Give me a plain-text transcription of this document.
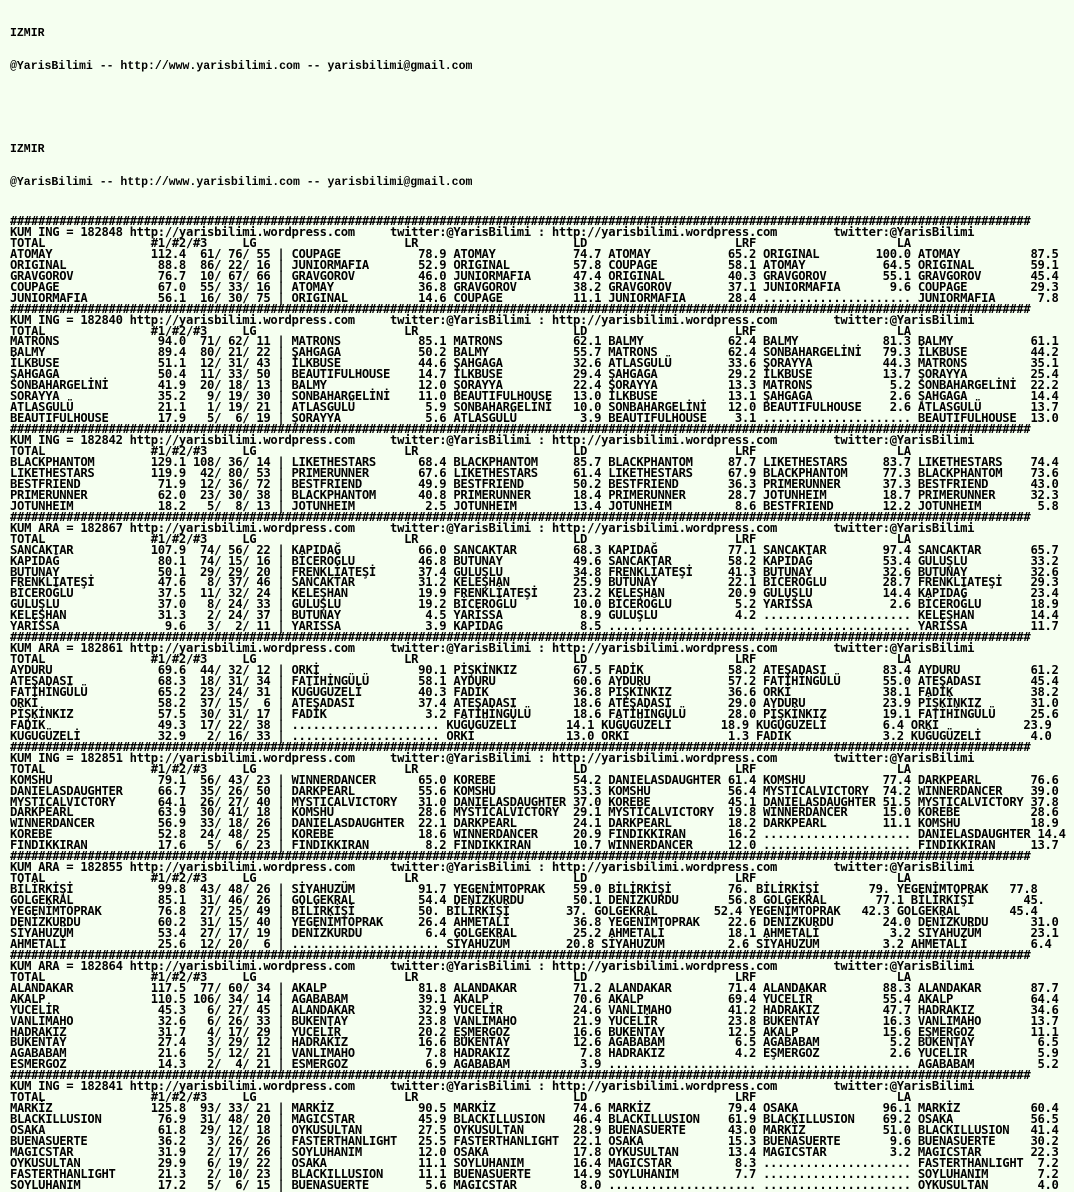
IZMIR

@YarisBilimi -- http://www.yarisbilimi.com -- yarisbilimi@gmail.com

IZMIR

@YarisBilimi -- http://www.yarisbilimi.com -- yarisbilimi@gmail.com

#################################################################################################################################################
KUM ING = 182848 http://yarisbilimi.wordpress.com     twitter:@YarisBilimi : http://yarisbilimi.wordpress.com        twitter:@YarisBilimi
TOTAL               #1/#2/#3     LG                     LR                      LD                     LRF                    LA
ATOMAY              112.4  61/ 76/ 55 | COUPAGE           78.9 ATOMAY           74.7 ATOMAY           65.2 ORIGINAL        100.0 ATOMAY          87.5
ORIGINAL             88.8  86/ 22/ 16 | JUNIORMAFIA       52.9 ORIGINAL         57.8 COUPAGE          58.1 ATOMAY           64.5 ORIGINAL        59.1
GRAVGOROV            76.7  10/ 67/ 66 | GRAVGOROV         46.0 JUNIORMAFIA      47.4 ORIGINAL         40.3 GRAVGOROV        55.1 GRAVGOROV       45.4
COUPAGE              67.0  55/ 33/ 16 | ATOMAY            36.8 GRAVGOROV        38.2 GRAVGOROV        37.1 JUNIORMAFIA       9.6 COUPAGE         29.3
JUNIORMAFIA          56.1  16/ 30/ 75 | ORIGINAL          14.6 COUPAGE          11.1 JUNIORMAFIA      28.4 ..................... JUNIORMAFIA      7.8
#################################################################################################################################################
KUM ING = 182840 http://yarisbilimi.wordpress.com     twitter:@YarisBilimi : http://yarisbilimi.wordpress.com        twitter:@YarisBilimi
TOTAL               #1/#2/#3     LG                     LR                      LD                     LRF                    LA
MATRONS              94.0  71/ 62/ 11 | MATRONS           85.1 MATRONS          62.1 BALMY            62.4 BALMY            81.3 BALMY           61.1
BALMY                89.4  80/ 21/ 22 | ŞAHGAGA           50.2 BALMY            55.7 MATRONS          62.4 SONBAHARGELİNİ   79.3 İLKBUSE         44.2
İLKBUSE              51.1  12/ 31/ 43 | İLKBUSE           44.6 ŞAHGAGA          32.6 ATLASGULÜ        33.6 ŞORAYYA          44.3 MATRONS         35.1
ŞAHGAGA              50.4  11/ 33/ 50 | BEAUTIFULHOUSE    14.7 İLKBUSE          29.4 ŞAHGAGA          29.2 İLKBUSE          13.7 ŞORAYYA         25.4
SONBAHARGELİNİ       41.9  20/ 18/ 13 | BALMY             12.0 ŞORAYYA          22.4 ŞORAYYA          13.3 MATRONS           5.2 SONBAHARGELİNİ  22.2
SORAYYA              35.2   9/ 19/ 30 | SONBAHARGELİNİ    11.0 BEAUTIFULHOUSE   13.0 İLKBUSE          13.1 ŞAHGAGA           2.6 ŞAHGAGA         14.4
ATLASGULÜ            21.1   1/ 19/ 21 | ATLASGULÜ          5.9 SONBAHARGELİNİ   10.0 SONBAHARGELİNİ   12.0 BEAUTIFULHOUSE    2.6 ATLASGULÜ       13.7
BEAUTIFULHOUSE       17.9   5/  6/ 19 | ŞORAYYA            5.6 ATLASGULÜ         3.9 BEAUTIFULHOUSE    3.1 ..................... BEAUTIFULHOUSE  13.0
#################################################################################################################################################
KUM ING = 182842 http://yarisbilimi.wordpress.com     twitter:@YarisBilimi : http://yarisbilimi.wordpress.com        twitter:@YarisBilimi
TOTAL               #1/#2/#3     LG                     LR                      LD                     LRF                    LA
BLACKPHANTOM        129.1 108/ 36/ 14 | LIKETHESTARS      68.4 BLACKPHANTOM     85.7 BLACKPHANTOM     87.7 LIKETHESTARS     83.7 LIKETHESTARS    74.4
LIKETHESTARS        119.9  42/ 80/ 53 | PRIMERUNNER       67.6 LIKETHESTARS     61.4 LIKETHESTARS     67.9 BLACKPHANTOM     77.3 BLACKPHANTOM    73.6
BESTFRIEND           71.9  12/ 36/ 72 | BESTFRIEND        49.9 BESTFRIEND       50.2 BESTFRIEND       36.3 PRIMERUNNER      37.3 BESTFRIEND      43.0
PRIMERUNNER          62.0  23/ 30/ 38 | BLACKPHANTOM      40.8 PRIMERUNNER      18.4 PRIMERUNNER      28.7 JOTUNHEIM        18.7 PRIMERUNNER     32.3
JOTUNHEIM            18.2   5/  8/ 13 | JOTUNHEIM          2.5 JOTUNHEIM        13.4 JOTUNHEIM         8.6 BESTFRIEND       12.2 JOTUNHEIM        5.8
#################################################################################################################################################
KUM ARA = 182867 http://yarisbilimi.wordpress.com     twitter:@YarisBilimi : http://yarisbilimi.wordpress.com        twitter:@YarisBilimi
TOTAL               #1/#2/#3     LG                     LR                      LD                     LRF                    LA
SANCAKTAR           107.9  74/ 56/ 22 | KAPIDAĞ           66.0 SANCAKTAR        68.3 KAPIDAĞ          77.1 SANCAKTAR        97.4 SANCAKTAR       65.7
KAPIDAĞ              80.1  74/ 15/ 16 | BİCEROĞLU         46.8 BUTUNAY          49.6 SANCAKTAR        58.2 KAPIDAĞ          53.4 GULUŞLU         33.2
BUTUNAY              50.1  29/ 29/ 20 | FRENKLİATEŞİ      37.4 GULUŞLU          34.8 FRENKLİATEŞİ     41.3 BUTUNAY          32.6 BUTUNAY         32.6
FRENKLİATEŞİ         47.6   8/ 37/ 46 | SANCAKTAR         31.2 KELEŞHAN         25.9 BUTUNAY          22.1 BİCEROĞLU        28.7 FRENKLİATEŞİ    29.3
BİCEROĞLU            37.5  11/ 32/ 24 | KELEŞHAN          19.9 FRENKLİATEŞİ     23.2 KELEŞHAN         20.9 GULUŞLU          14.4 KAPIDAĞ         23.4
GULUŞLU              37.0   8/ 24/ 33 | GULUŞLU           19.2 BİCEROĞLU        10.0 BİCEROĞLU         5.2 YARİSSA           2.6 BİCEROĞLU       18.9
KELEŞHAN             31.3   2/ 24/ 37 | BUTUNAY            4.5 YARİSSA           8.9 GULUŞLU           4.2 ..................... KELEŞHAN        14.4
YARİSSA               9.6   3/  2/ 11 | YARISSA            3.9 KAPIDAG           8.5 ..................... ..................... YARİSSA         11.7
#################################################################################################################################################
KUM ARA = 182861 http://yarisbilimi.wordpress.com     twitter:@YarisBilimi : http://yarisbilimi.wordpress.com        twitter:@YarisBilimi
TOTAL               #1/#2/#3     LG                     LR                      LD                     LRF                    LA
AYDURU               69.6  44/ 32/ 12 | ORKİ              90.1 PİŞKİNKIZ        67.5 FADİK            58.2 ATEŞADASI        83.4 AYDURU          61.2
ATEŞADASI            68.3  18/ 31/ 34 | FATİHİNGÜLÜ       58.1 AYDURU           60.6 AYDURU           57.2 FATİHİNGÜLÜ      55.0 ATEŞADASI       45.4
FATİHİNGÜLÜ          65.2  23/ 24/ 31 | KUĞUGÜZELİ        40.3 FADİK            36.8 PİŞKİNKIZ        36.6 ORKİ             38.1 FADİK           38.2
ORKİ                 58.2  37/ 15/  6 | ATEŞADASI         37.4 ATEŞADASI        18.6 ATEŞADASI        29.0 AYDURU           23.9 PİŞKİNKIZ       31.0
PİŞKİNKIZ            57.5  30/ 31/ 17 | FADİK              3.2 FATİHİNGÜLÜ      18.6 FATİHİNGÜLÜ      28.0 PİŞKİNKIZ        19.1 FATİHİNGÜLÜ     25.6
FADİK                49.3  17/ 22/ 38 | ..................... KUĞUGÜZELİ       14.1 KUĞUGÜZELİ       18.9 KUĞUGÜZELİ        6.4 ORKİ            23.9
KUĞUGÜZELİ           32.9   2/ 16/ 33 | ..................... ORKİ             13.0 ORKİ              1.3 FADİK             3.2 KUĞUGÜZELİ       4.0
#################################################################################################################################################
KUM ING = 182851 http://yarisbilimi.wordpress.com     twitter:@YarisBilimi : http://yarisbilimi.wordpress.com        twitter:@YarisBilimi
TOTAL               #1/#2/#3     LG                     LR                      LD                     LRF                    LA
KOMSHU               79.1  56/ 43/ 23 | WINNERDANCER      65.0 KOREBE           54.2 DANIELASDAUGHTER 61.4 KOMSHU           77.4 DARKPEARL       76.6
DANIELASDAUGHTER     66.7  35/ 26/ 50 | DARKPEARL         55.6 KOMSHU           53.3 KOMSHU           56.4 MYSTICALVICTORY  74.2 WINNERDANCER    39.0
MYSTICALVICTORY      64.1  26/ 27/ 40 | MYSTICALVICTORY   31.0 DANIELASDAUGHTER 37.0 KOREBE           45.1 DANIELASDAUGHTER 51.5 MYSTICALVICTORY 37.8
DARKPEARL            63.9  30/ 41/ 18 | KOMSHU            28.6 MYSTICALVICTORY  29.1 MYSTICALVICTORY  19.8 WINNERDANCER     15.0 KOREBE          28.6
WINNERDANCER         56.9  33/ 18/ 26 | DANIELASDAUGHTER  22.1 DARKPEARL        24.1 DARKPEARL        18.2 DARKPEARL        11.1 KOMSHU          18.9
KOREBE               52.8  24/ 48/ 25 | KOREBE            18.6 WINNERDANCER     20.9 FINDIKKIRAN      16.2 ..................... DANIELASDAUGHTER 14.4
FINDIKKIRAN          17.6   5/  6/ 23 | FINDIKKIRAN        8.2 FINDIKKIRAN      10.7 WINNERDANCER     12.0 ..................... FINDIKKIRAN     13.7
#################################################################################################################################################
KUM ARA = 182855 http://yarisbilimi.wordpress.com     twitter:@YarisBilimi : http://yarisbilimi.wordpress.com        twitter:@YarisBilimi
TOTAL               #1/#2/#3     LG                     LR                      LD                     LRF                    LA
BİLİRKİŞİ            99.8  43/ 48/ 26 | SİYAHUZÜM         91.7 YEGENİMTOPRAK    59.0 BİLİRKİŞİ        76. BİLİRKİŞİ       79. YEGENİMTOPRAK   77.8
GOLGEKRAL            85.1  31/ 46/ 26 | GOLGEKRAL         54.4 DENİZKURDU       50.1 DENİZKURDU       56.8 GOLGEKRAL       77.1 BİLİRKİŞİ       45.
YEGENİMTOPRAK        76.8  27/ 25/ 49 | BİLİRKİŞİ         50. BİLİRKİŞİ        37. GOLGEKRAL        52.4 YEGENİMTOPRAK   42.3 GOLGEKRAL       45.4
DENİZKURDU           60.2  31/ 15/ 40 | YEGENİMTOPRAK     26.4 AHMETALİ         36.8 YEGENİMTOPRAK    22.6 DENİZKURDU       24.0 DENİZKURDU      31.0
SİYAHUZÜM            53.4  27/ 17/ 19 | DENİZKURDU         6.4 GOLGEKRAL        25.2 AHMETALİ         18.1 AHMETALİ          3.2 SİYAHUZÜM       23.1
AHMETALİ             25.6  12/ 20/  6 | ..................... SİYAHUZÜM        20.8 SİYAHUZÜM         2.6 SİYAHUZÜM         3.2 AHMETALİ         6.4
#################################################################################################################################################
KUM ARA = 182864 http://yarisbilimi.wordpress.com     twitter:@YarisBilimi : http://yarisbilimi.wordpress.com        twitter:@YarisBilimi
TOTAL               #1/#2/#3     LG                     LR                      LD                     LRF                    LA
ALANDAKAR           117.5  77/ 60/ 34 | AKALP             81.8 ALANDAKAR        71.2 ALANDAKAR        71.4 ALANDAKAR        88.3 ALANDAKAR       87.7
AKALP               110.5 106/ 34/ 14 | AGABABAM          39.1 AKALP            70.6 AKALP            69.4 YUCELİR          55.4 AKALP           64.4
YUCELİR              45.3   6/ 27/ 45 | ALANDAKAR         32.9 YUCELİR          24.6 VANLIMAHO        41.2 HADRAKIZ         47.7 HADRAKIZ        34.6
VANLIMAHO            32.6   6/ 26/ 33 | BUKENTAY          23.8 VANLIMAHO        21.9 YUCELİR          23.8 BUKENTAY         16.3 VANLIMAHO       13.7
HADRAKIZ             31.7   4/ 17/ 29 | YUCELİR           20.2 EŞMERGOZ         16.6 BUKENTAY         12.5 AKALP            15.6 EŞMERGOZ        11.1
BUKENTAY             27.4   3/ 29/ 12 | HADRAKIZ          16.6 BUKENTAY         12.6 AGABABAM          6.5 AGABABAM          5.2 BUKENTAY         6.5
AGABABAM             21.6   5/ 12/ 21 | VANLIMAHO          7.8 HADRAKIZ          7.8 HADRAKIZ          4.2 EŞMERGOZ          2.6 YUCELİR          5.9
ESMERGOZ             14.3   2/  4/ 21 | ESMERGOZ           6.9 AGABABAM          3.9 ..................... ..................... AGABABAM         5.2
#################################################################################################################################################
KUM ING = 182841 http://yarisbilimi.wordpress.com     twitter:@YarisBilimi : http://yarisbilimi.wordpress.com        twitter:@YarisBilimi
TOTAL               #1/#2/#3     LG                     LR                      LD                     LRF                    LA
MARKİZ              125.8  93/ 33/ 21 | MARKİZ            90.5 MARKİZ           74.6 MARKİZ           79.4 OSAKA            96.1 MARKİZ          60.4
BLACKILLUSION        76.9  31/ 48/ 20 | MAGICSTAR         45.9 BLACKILLUSION    46.4 BLACKILLUSION    61.9 BLACKILLUSION    69.2 OSAKA           56.5
OSAKA                61.8  29/ 12/ 18 | OYKUSULTAN        27.5 OYKUSULTAN       28.9 BUENASUERTE      43.0 MARKİZ           51.0 BLACKILLUSION   41.4
BUENASUERTE          36.2   3/ 26/ 26 | FASTERTHANLIGHT   25.5 FASTERTHANLIGHT  22.1 OSAKA            15.3 BUENASUERTE       9.6 BUENASUERTE     30.2
MAGICSTAR            31.9   2/ 17/ 26 | SOYLUHANIM        12.0 OSAKA            17.8 OYKUSULTAN       13.4 MAGICSTAR         3.2 MAGICSTAR       22.3
OYKUSULTAN           29.9   6/ 19/ 22 | OSAKA             11.1 SOYLUHANIM       16.4 MAGICSTAR         8.3 ..................... FASTERTHANLIGHT  7.2
FASTERTHANLIGHT      21.3   2/ 10/ 23 | BLACKILLUSION     11.1 BUENASUERTE      14.9 SOYLUHANIM        7.7 ..................... SOYLUHANIM       7.2
SOYLUHANIM           17.2   5/  6/ 15 | BUENASUERTE        5.6 MAGICSTAR         8.0 ..................... ..................... OYKUSULTAN       4.0
